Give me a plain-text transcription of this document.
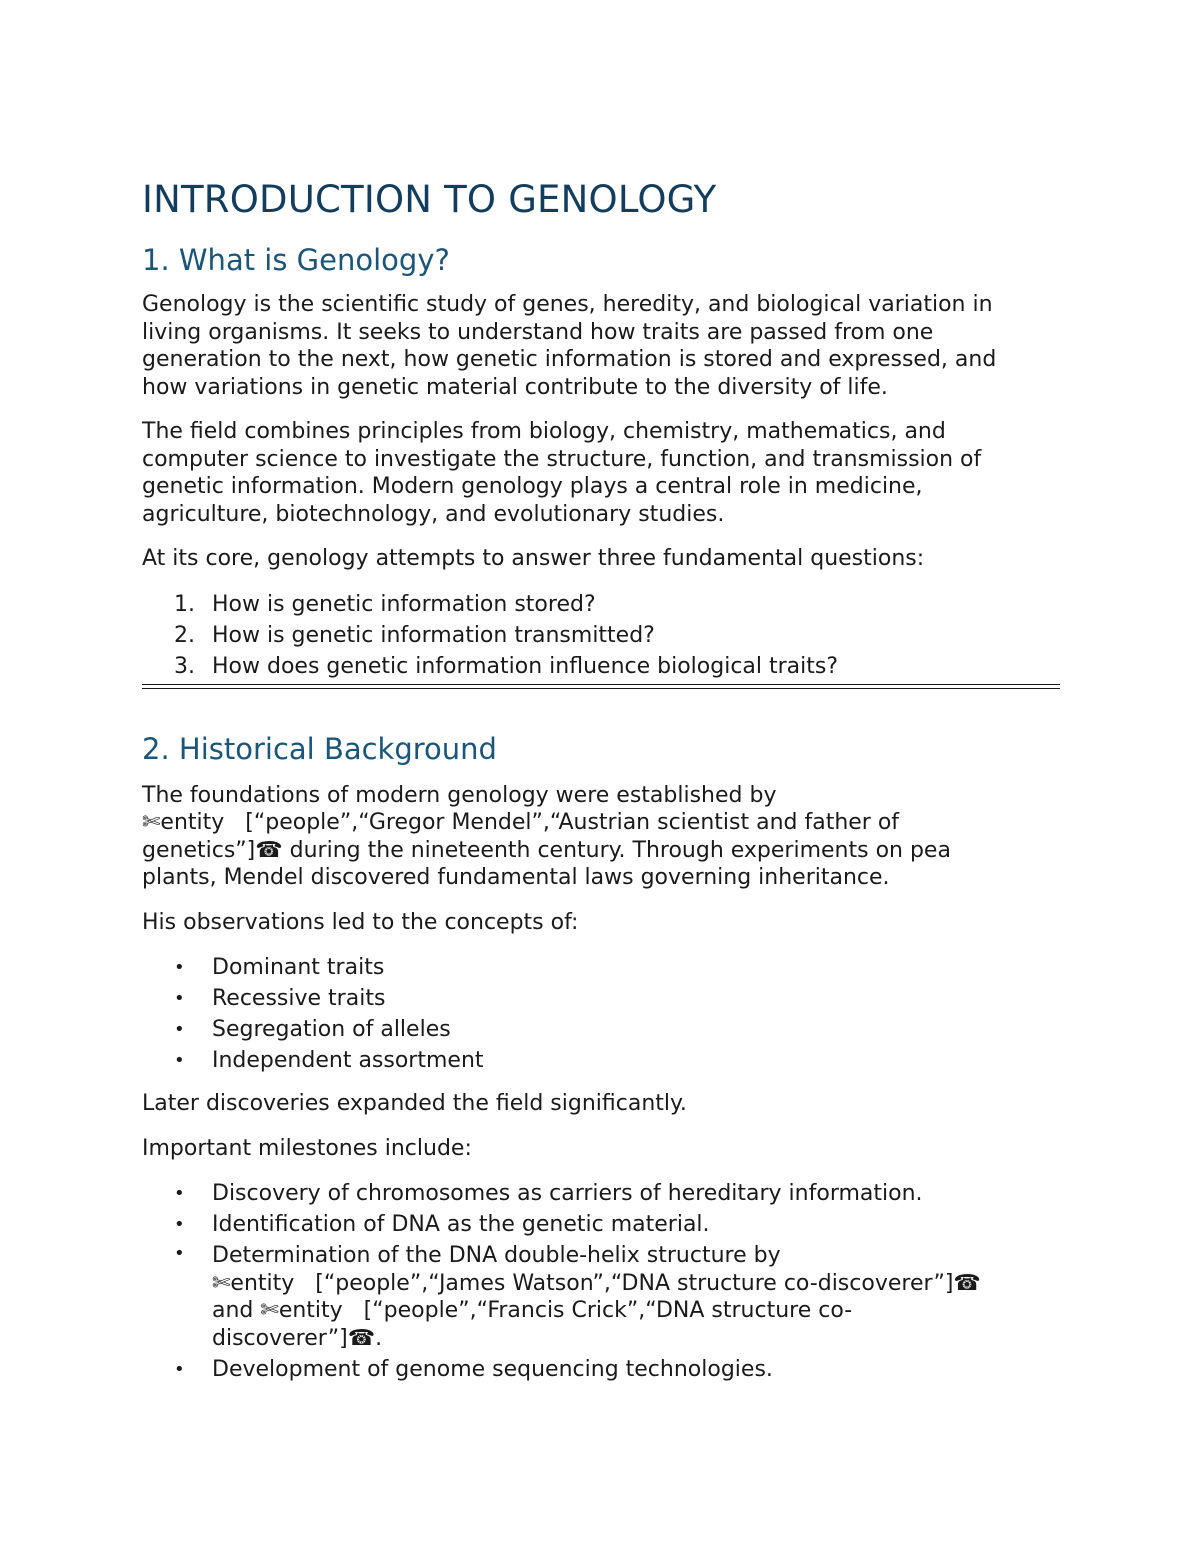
INTRODUCTION TO GENOLOGY
1. What is Genology?

Genology is the scientific study of genes, heredity, and biological variation in
living organisms. It seeks to understand how traits are passed from one
generation to the next, how genetic information is stored and expressed, and
how variations in genetic material contribute to the diversity of life.

The field combines principles from biology, chemistry, mathematics, and
computer science to investigate the structure, function, and transmission of
genetic information. Modern genology plays a central role in medicine,
agriculture, biotechnology, and evolutionary studies.

At its core, genology attempts to answer three fundamental questions:

1. How is genetic information stored?
2. How is genetic information transmitted?
3. How does genetic information influence biological traits?
2. Historical Background

The foundations of modern genology were established by
✄entity   [“people”,“Gregor Mendel”,“Austrian scientist and father of
genetics”]☎ during the nineteenth century. Through experiments on pea
plants, Mendel discovered fundamental laws governing inheritance.

His observations led to the concepts of:

• Dominant traits
• Recessive traits
• Segregation of alleles
• Independent assortment

Later discoveries expanded the field significantly.

Important milestones include:

• Discovery of chromosomes as carriers of hereditary information.
• Identification of DNA as the genetic material.
• Determination of the DNA double-helix structure by
✄entity   [“people”,“James Watson”,“DNA structure co-discoverer”]☎
and ✄entity   [“people”,“Francis Crick”,“DNA structure co-
discoverer”]☎.
• Development of genome sequencing technologies.
